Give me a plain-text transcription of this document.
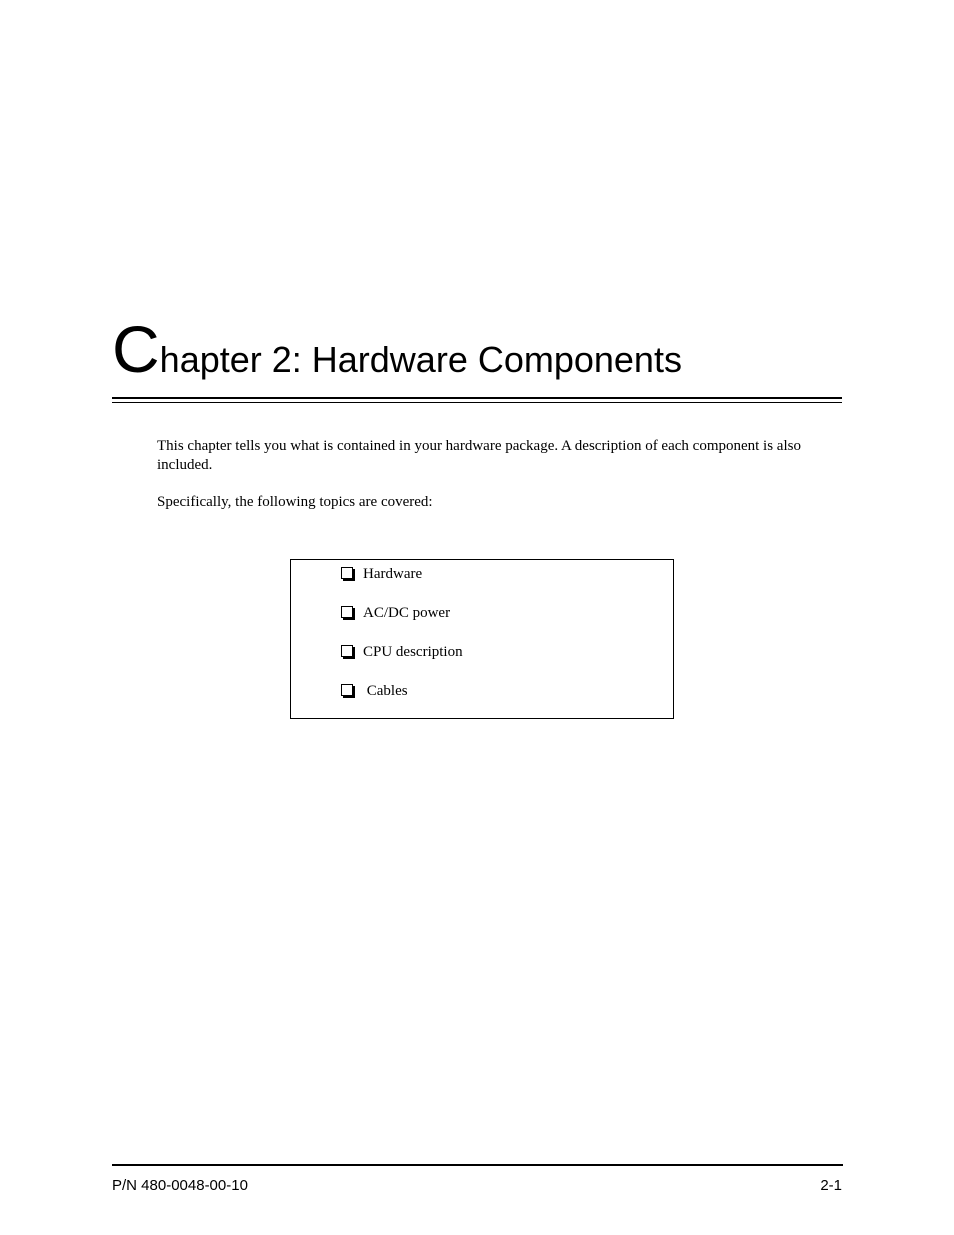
Chapter 2: Hardware Components

This chapter tells you what is contained in your hardware package. A description of each component is also included.

Specifically, the following topics are covered:

Hardware
AC/DC power
CPU description
Cables
P/N 480-0048-00-10	2-1
